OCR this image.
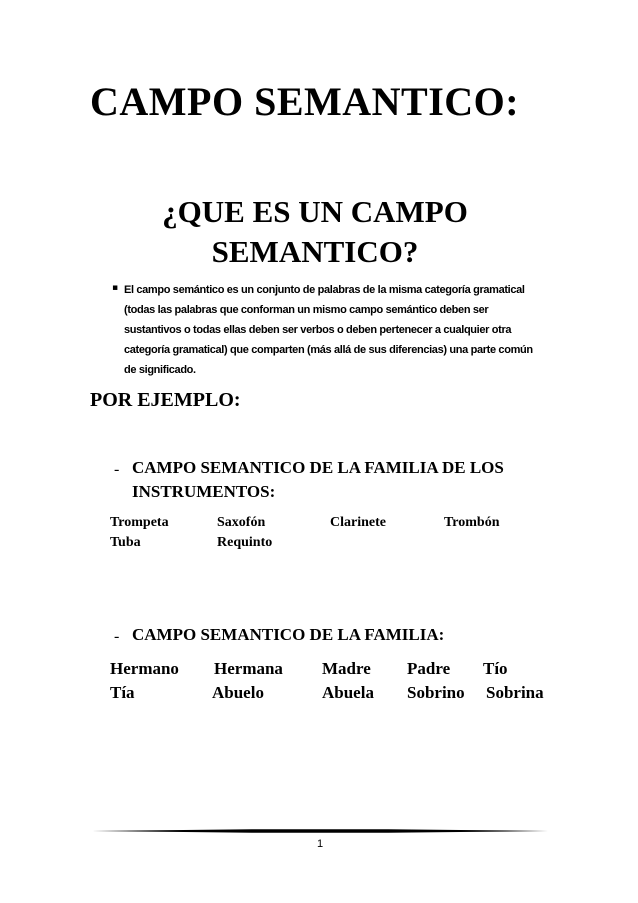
CAMPO SEMANTICO:
¿QUE ES UN CAMPO SEMANTICO?
▪ El campo semántico es un conjunto de palabras de la misma categoría gramatical (todas las palabras que conforman un mismo campo semántico deben ser sustantivos o todas ellas deben ser verbos o deben pertenecer a cualquier otra categoría gramatical) que comparten (más allá de sus diferencias) una parte común de significado.

POR EJEMPLO:
- CAMPO SEMANTICO DE LA FAMILIA DE LOS INSTRUMENTOS:
Trompeta	Saxofón	Clarinete	Trombón
Tuba	Requinto
- CAMPO SEMANTICO DE LA FAMILIA:
Hermano Hermana Madre Padre Tío
Tía	Abuelo	Abuela Sobrino Sobrina
1
